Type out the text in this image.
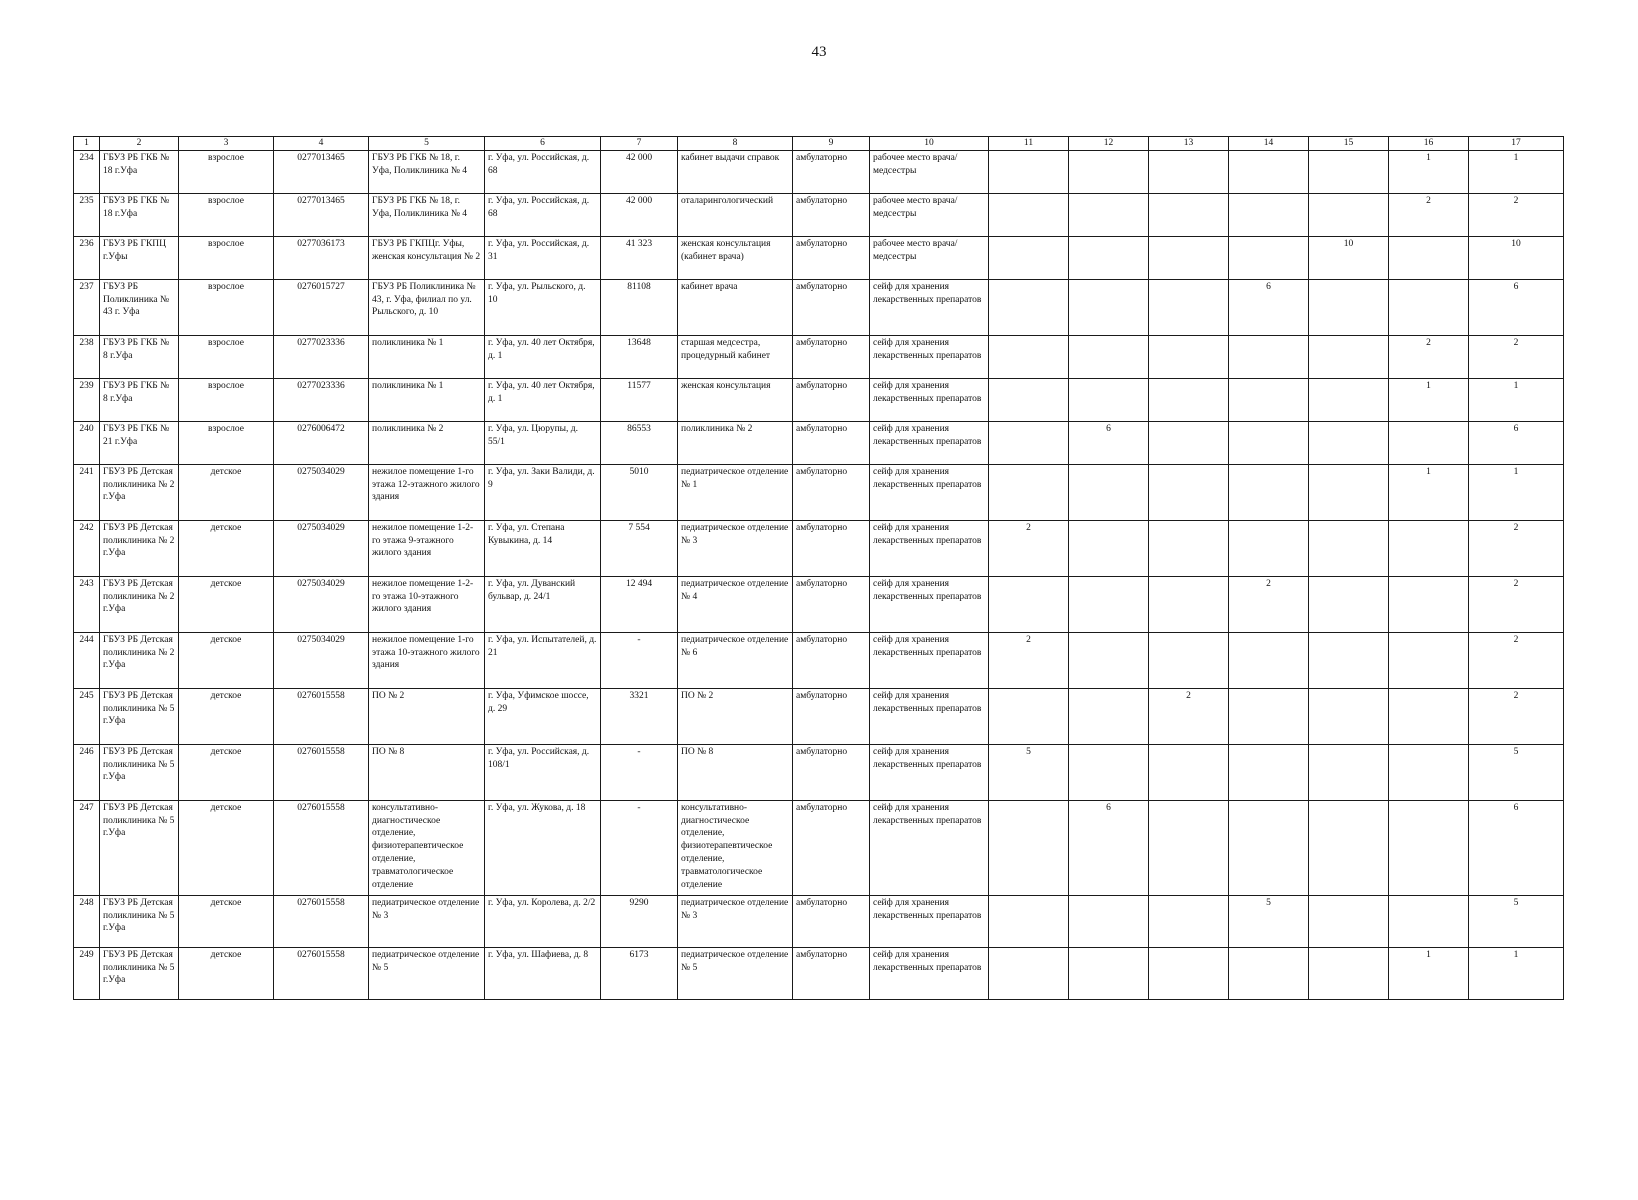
43
1	2	3	4	5	6	7	8	9	10	11	12	13	14	15	16	17
234	ГБУЗ РБ ГКБ № 18 г.Уфа	взрослое	0277013465	ГБУЗ РБ ГКБ № 18, г. Уфа, Поликлиника № 4	г. Уфа, ул. Российская, д. 68	42 000	кабинет выдачи справок	амбулаторно	рабочее место врача/медсестры						1	1
235	ГБУЗ РБ ГКБ № 18 г.Уфа	взрослое	0277013465	ГБУЗ РБ ГКБ № 18, г. Уфа, Поликлиника № 4	г. Уфа, ул. Российская, д. 68	42 000	оталарингологический	амбулаторно	рабочее место врача/медсестры						2	2
236	ГБУЗ РБ ГКПЦ г.Уфы	взрослое	0277036173	ГБУЗ РБ ГКПЦг. Уфы, женская консультация № 2	г. Уфа, ул. Российская, д. 31	41 323	женская консультация (кабинет врача)	амбулаторно	рабочее место врача/медсестры					10		10
237	ГБУЗ РБ Поликлиника № 43 г. Уфа	взрослое	0276015727	ГБУЗ РБ Поликлиника № 43, г. Уфа, филиал по ул. Рыльского, д. 10	г. Уфа, ул. Рыльского, д. 10	81108	кабинет врача	амбулаторно	сейф для хранения лекарственных препаратов				6			6
238	ГБУЗ РБ ГКБ № 8 г.Уфа	взрослое	0277023336	поликлиника № 1	г. Уфа, ул. 40 лет Октября, д. 1	13648	старшая медсестра, процедурный кабинет	амбулаторно	сейф для хранения лекарственных препаратов						2	2
239	ГБУЗ РБ ГКБ № 8 г.Уфа	взрослое	0277023336	поликлиника № 1	г. Уфа, ул. 40 лет Октября, д. 1	11577	женская консультация	амбулаторно	сейф для хранения лекарственных препаратов						1	1
240	ГБУЗ РБ ГКБ № 21 г.Уфа	взрослое	0276006472	поликлиника № 2	г. Уфа, ул. Цюрупы, д. 55/1	86553	поликлиника № 2	амбулаторно	сейф для хранения лекарственных препаратов		6					6
241	ГБУЗ РБ Детская поликлиника № 2 г.Уфа	детское	0275034029	нежилое помещение 1-го этажа 12-этажного жилого здания	г. Уфа, ул. Заки Валиди, д. 9	5010	педиатрическое отделение № 1	амбулаторно	сейф для хранения лекарственных препаратов						1	1
242	ГБУЗ РБ Детская поликлиника № 2 г.Уфа	детское	0275034029	нежилое помещение 1-2-го этажа 9-этажного жилого здания	г. Уфа, ул. Степана Кувыкина, д. 14	7 554	педиатрическое отделение № 3	амбулаторно	сейф для хранения лекарственных препаратов	2						2
243	ГБУЗ РБ Детская поликлиника № 2 г.Уфа	детское	0275034029	нежилое помещение 1-2-го этажа 10-этажного жилого здания	г. Уфа, ул. Дуванский бульвар, д. 24/1	12 494	педиатрическое отделение № 4	амбулаторно	сейф для хранения лекарственных препаратов				2			2
244	ГБУЗ РБ Детская поликлиника № 2 г.Уфа	детское	0275034029	нежилое помещение 1-го этажа 10-этажного жилого здания	г. Уфа, ул. Испытателей, д. 21	-	педиатрическое отделение № 6	амбулаторно	сейф для хранения лекарственных препаратов	2						2
245	ГБУЗ РБ Детская поликлиника № 5 г.Уфа	детское	0276015558	ПО № 2	г. Уфа, Уфимское шоссе, д. 29	3321	ПО № 2	амбулаторно	сейф для хранения лекарственных препаратов			2				2
246	ГБУЗ РБ Детская поликлиника № 5 г.Уфа	детское	0276015558	ПО № 8	г. Уфа, ул. Российская, д. 108/1	-	ПО № 8	амбулаторно	сейф для хранения лекарственных препаратов	5						5
247	ГБУЗ РБ Детская поликлиника № 5 г.Уфа	детское	0276015558	консультативно-диагностическое отделение, физиотерапевтическое отделение, травматологическое отделение	г. Уфа, ул. Жукова, д. 18	-	консультативно-диагностическое отделение, физиотерапевтическое отделение, травматологическое отделение	амбулаторно	сейф для хранения лекарственных препаратов		6					6
248	ГБУЗ РБ Детская поликлиника № 5 г.Уфа	детское	0276015558	педиатрическое отделение № 3	г. Уфа, ул. Королева, д. 2/2	9290	педиатрическое отделение № 3	амбулаторно	сейф для хранения лекарственных препаратов				5			5
249	ГБУЗ РБ Детская поликлиника № 5 г.Уфа	детское	0276015558	педиатрическое отделение № 5	г. Уфа, ул. Шафиева, д. 8	6173	педиатрическое отделение № 5	амбулаторно	сейф для хранения лекарственных препаратов						1	1
